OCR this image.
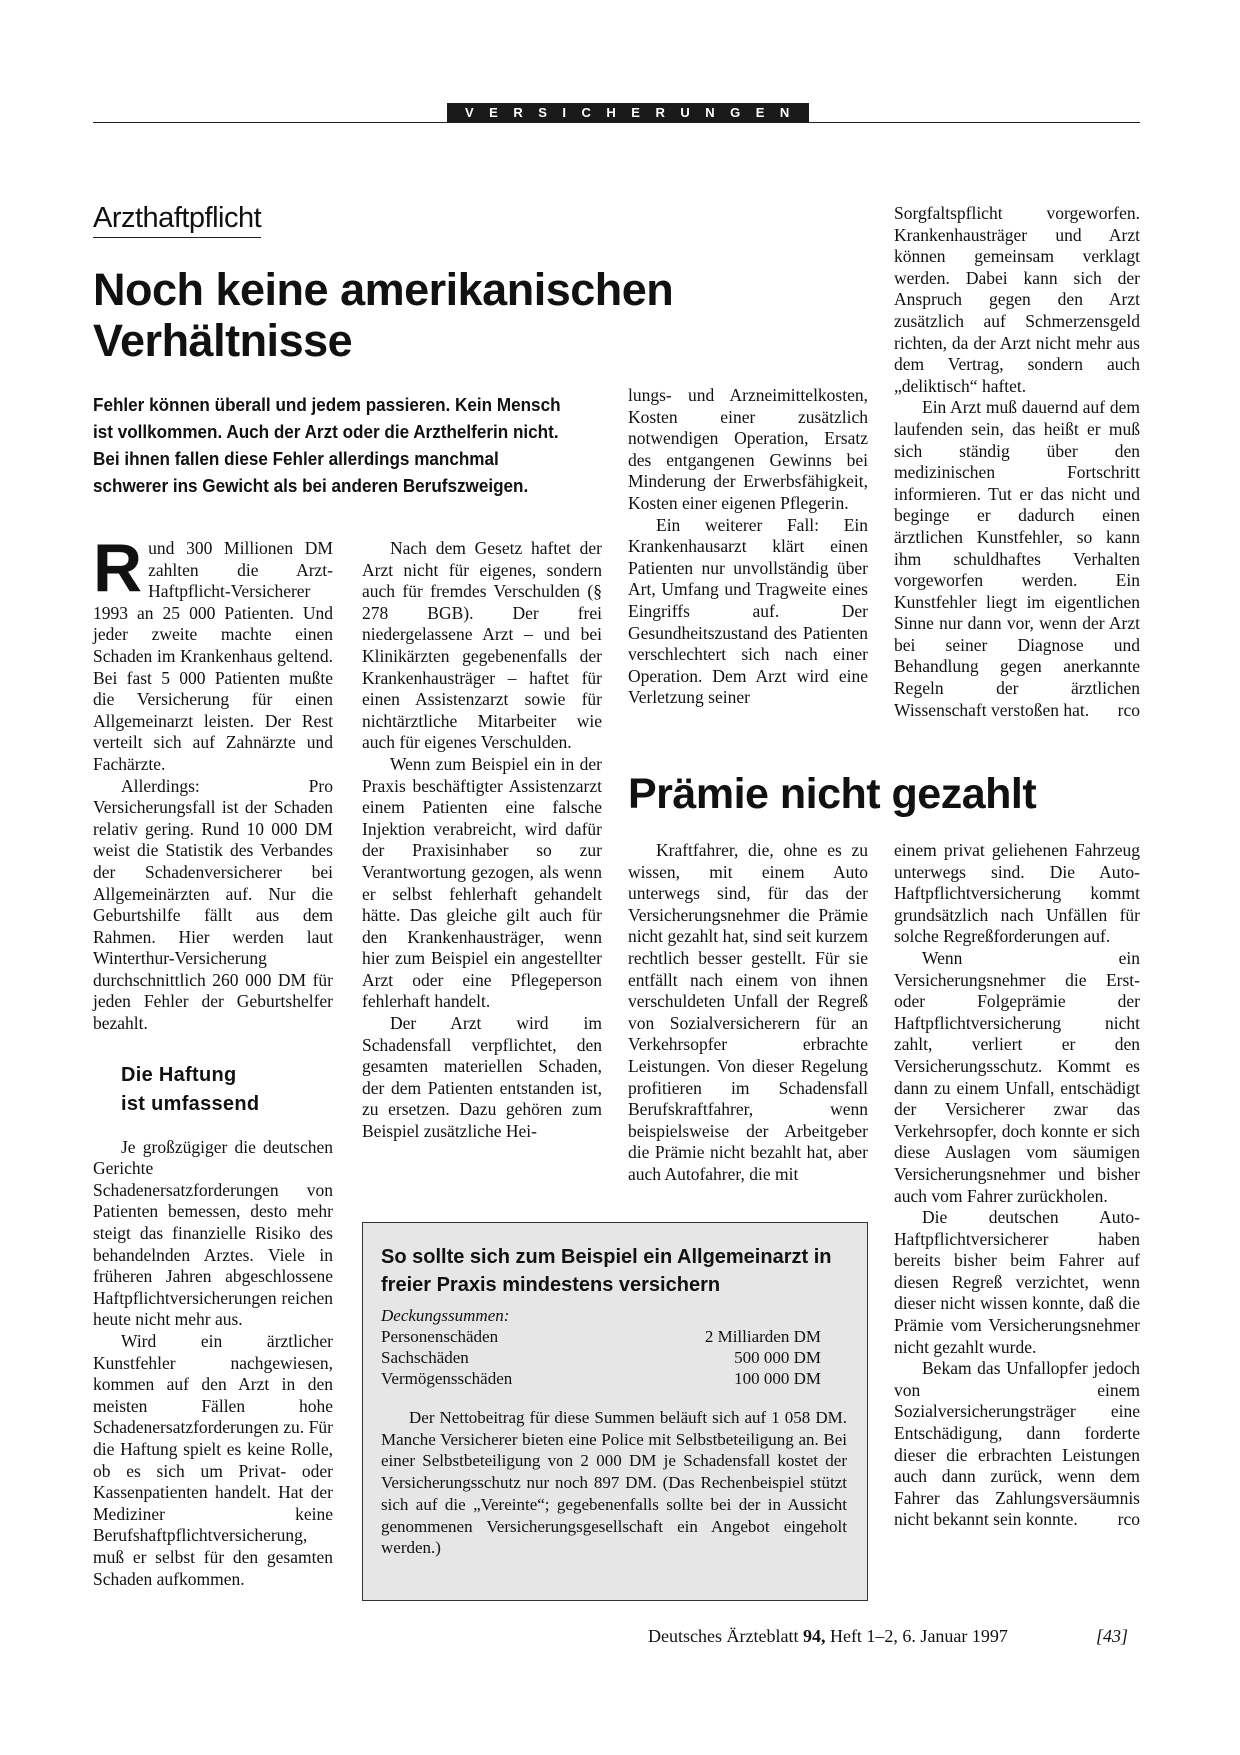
VERSICHERUNGEN
Arzthaftpflicht
Noch keine amerikanischen Verhältnisse

Fehler können überall und jedem passieren. Kein Mensch ist vollkommen. Auch der Arzt oder die Arzthelferin nicht. Bei ihnen fallen diese Fehler allerdings manchmal schwerer ins Gewicht als bei anderen Berufszweigen.

Rund 300 Millionen DM zahlten die Arzt-Haftpflicht-Versicherer 1993 an 25 000 Patienten. Und jeder zweite machte einen Schaden im Krankenhaus geltend. Bei fast 5 000 Patienten mußte die Versicherung für einen Allgemeinarzt leisten. Der Rest verteilt sich auf Zahnärzte und Fachärzte.

Allerdings: Pro Versicherungsfall ist der Schaden relativ gering. Rund 10 000 DM weist die Statistik des Verbandes der Schadenversicherer bei Allgemeinärzten auf. Nur die Geburtshilfe fällt aus dem Rahmen. Hier werden laut Winterthur-Versicherung durchschnittlich 260 000 DM für jeden Fehler der Geburtshelfer bezahlt.

Die Haftung
ist umfassend

Je großzügiger die deutschen Gerichte Schadenersatzforderungen von Patienten bemessen, desto mehr steigt das finanzielle Risiko des behandelnden Arztes. Viele in früheren Jahren abgeschlossene Haftpflichtversicherungen reichen heute nicht mehr aus.

Wird ein ärztlicher Kunstfehler nachgewiesen, kommen auf den Arzt in den meisten Fällen hohe Schadenersatzforderungen zu. Für die Haftung spielt es keine Rolle, ob es sich um Privat- oder Kassenpatienten handelt. Hat der Mediziner keine Berufshaftpflichtversicherung, muß er selbst für den gesamten Schaden aufkommen.

Nach dem Gesetz haftet der Arzt nicht für eigenes, sondern auch für fremdes Verschulden (§ 278 BGB). Der frei niedergelassene Arzt – und bei Klinikärzten gegebenenfalls der Krankenhausträger – haftet für einen Assistenzarzt sowie für nichtärztliche Mitarbeiter wie auch für eigenes Verschulden.

Wenn zum Beispiel ein in der Praxis beschäftigter Assistenzarzt einem Patienten eine falsche Injektion verabreicht, wird dafür der Praxisinhaber so zur Verantwortung gezogen, als wenn er selbst fehlerhaft gehandelt hätte. Das gleiche gilt auch für den Krankenhausträger, wenn hier zum Beispiel ein angestellter Arzt oder eine Pflegeperson fehlerhaft handelt.

Der Arzt wird im Schadensfall verpflichtet, den gesamten materiellen Schaden, der dem Patienten entstanden ist, zu ersetzen. Dazu gehören zum Beispiel zusätzliche Hei-

lungs- und Arzneimittelkosten, Kosten einer zusätzlich notwendigen Operation, Ersatz des entgangenen Gewinns bei Minderung der Erwerbsfähigkeit, Kosten einer eigenen Pflegerin.

Ein weiterer Fall: Ein Krankenhausarzt klärt einen Patienten nur unvollständig über Art, Umfang und Tragweite eines Eingriffs auf. Der Gesundheitszustand des Patienten verschlechtert sich nach einer Operation. Dem Arzt wird eine Verletzung seiner

Sorgfaltspflicht vorgeworfen. Krankenhausträger und Arzt können gemeinsam verklagt werden. Dabei kann sich der Anspruch gegen den Arzt zusätzlich auf Schmerzensgeld richten, da der Arzt nicht mehr aus dem Vertrag, sondern auch „deliktisch“ haftet.

Ein Arzt muß dauernd auf dem laufenden sein, das heißt er muß sich ständig über den medizinischen Fortschritt informieren. Tut er das nicht und beginge er dadurch einen ärztlichen Kunstfehler, so kann ihm schuldhaftes Verhalten vorgeworfen werden. Ein Kunstfehler liegt im eigentlichen Sinne nur dann vor, wenn der Arzt bei seiner Diagnose und Behandlung gegen anerkannte Regeln der ärztlichen Wissenschaft verstoßen hat.	rco

Prämie nicht gezahlt

Kraftfahrer, die, ohne es zu wissen, mit einem Auto unterwegs sind, für das der Versicherungsnehmer die Prämie nicht gezahlt hat, sind seit kurzem rechtlich besser gestellt. Für sie entfällt nach einem von ihnen verschuldeten Unfall der Regreß von Sozialversicherern für an Verkehrsopfer erbrachte Leistungen. Von dieser Regelung profitieren im Schadensfall Berufskraftfahrer, wenn beispielsweise der Arbeitgeber die Prämie nicht bezahlt hat, aber auch Autofahrer, die mit

einem privat geliehenen Fahrzeug unterwegs sind. Die Auto-Haftpflichtversicherung kommt grundsätzlich nach Unfällen für solche Regreßforderungen auf.

Wenn ein Versicherungsnehmer die Erst- oder Folgeprämie der Haftpflichtversicherung nicht zahlt, verliert er den Versicherungsschutz. Kommt es dann zu einem Unfall, entschädigt der Versicherer zwar das Verkehrsopfer, doch konnte er sich diese Auslagen vom säumigen Versicherungsnehmer und bisher auch vom Fahrer zurückholen.

Die deutschen Auto-Haftpflichtversicherer haben bereits bisher beim Fahrer auf diesen Regreß verzichtet, wenn dieser nicht wissen konnte, daß die Prämie vom Versicherungsnehmer nicht gezahlt wurde.

Bekam das Unfallopfer jedoch von einem Sozialversicherungsträger eine Entschädigung, dann forderte dieser die erbrachten Leistungen auch dann zurück, wenn dem Fahrer das Zahlungsversäumnis nicht bekannt sein konnte.	rco

So sollte sich zum Beispiel ein Allgemeinarzt in freier Praxis mindestens versichern
Deckungssummen:
Personenschäden	2 Milliarden DM
Sachschäden	500 000 DM
Vermögensschäden	100 000 DM

Der Nettobeitrag für diese Summen beläuft sich auf 1 058 DM. Manche Versicherer bieten eine Police mit Selbstbeteiligung an. Bei einer Selbstbeteiligung von 2 000 DM je Schadensfall kostet der Versicherungsschutz nur noch 897 DM. (Das Rechenbeispiel stützt sich auf die „Vereinte“; gegebenenfalls sollte bei der in Aussicht genommenen Versicherungsgesellschaft ein Angebot eingeholt werden.)

Deutsches Ärzteblatt 94, Heft 1–2, 6. Januar 1997	[43]
